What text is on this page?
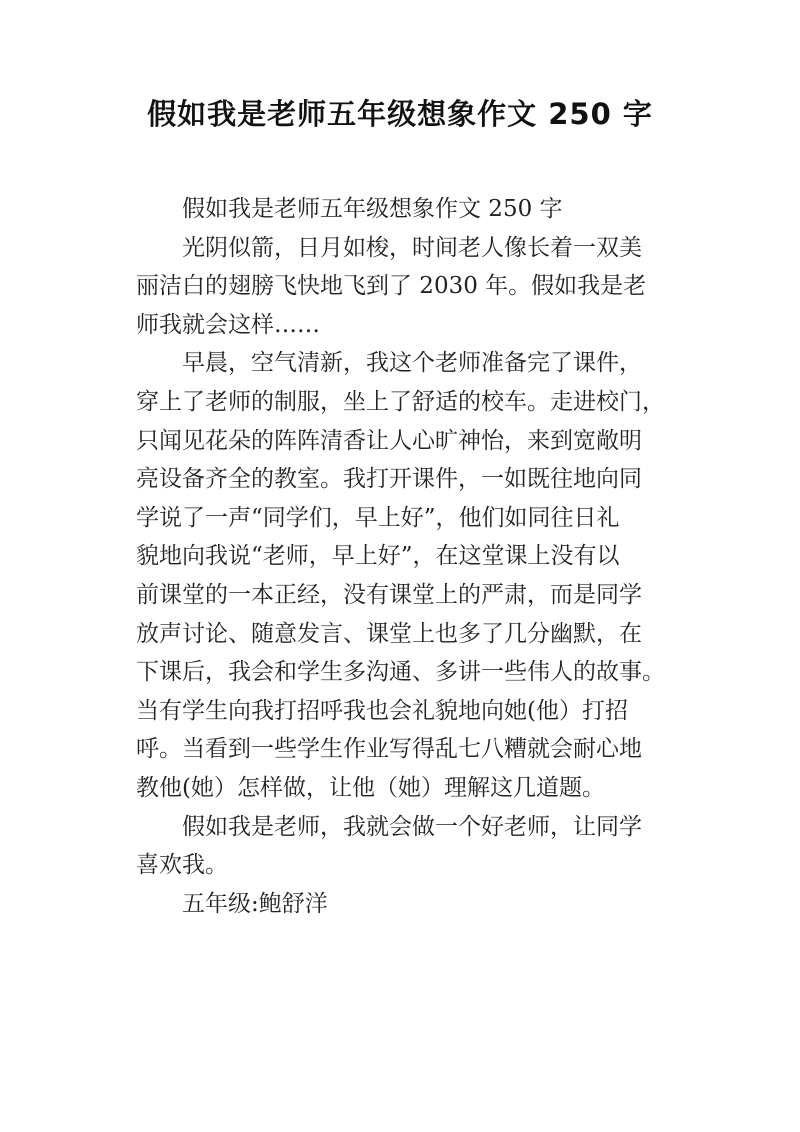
假如我是老师五年级想象作文 250 字
假如我是老师五年级想象作文 250 字
光阴似箭，日月如梭，时间老人像长着一双美
丽洁白的翅膀飞快地飞到了 2030 年。假如我是老
师我就会这样……
早晨，空气清新，我这个老师准备完了课件，
穿上了老师的制服，坐上了舒适的校车。走进校门，
只闻见花朵的阵阵清香让人心旷神怡，来到宽敞明
亮设备齐全的教室。我打开课件，一如既往地向同
学说了一声“同学们，早上好”，他们如同往日礼
貌地向我说“老师，早上好”，在这堂课上没有以
前课堂的一本正经，没有课堂上的严肃，而是同学
放声讨论、随意发言、课堂上也多了几分幽默，在
下课后，我会和学生多沟通、多讲一些伟人的故事。
当有学生向我打招呼我也会礼貌地向她(他）打招
呼。当看到一些学生作业写得乱七八糟就会耐心地
教他(她）怎样做，让他（她）理解这几道题。
假如我是老师，我就会做一个好老师，让同学
喜欢我。
五年级:鲍舒洋
